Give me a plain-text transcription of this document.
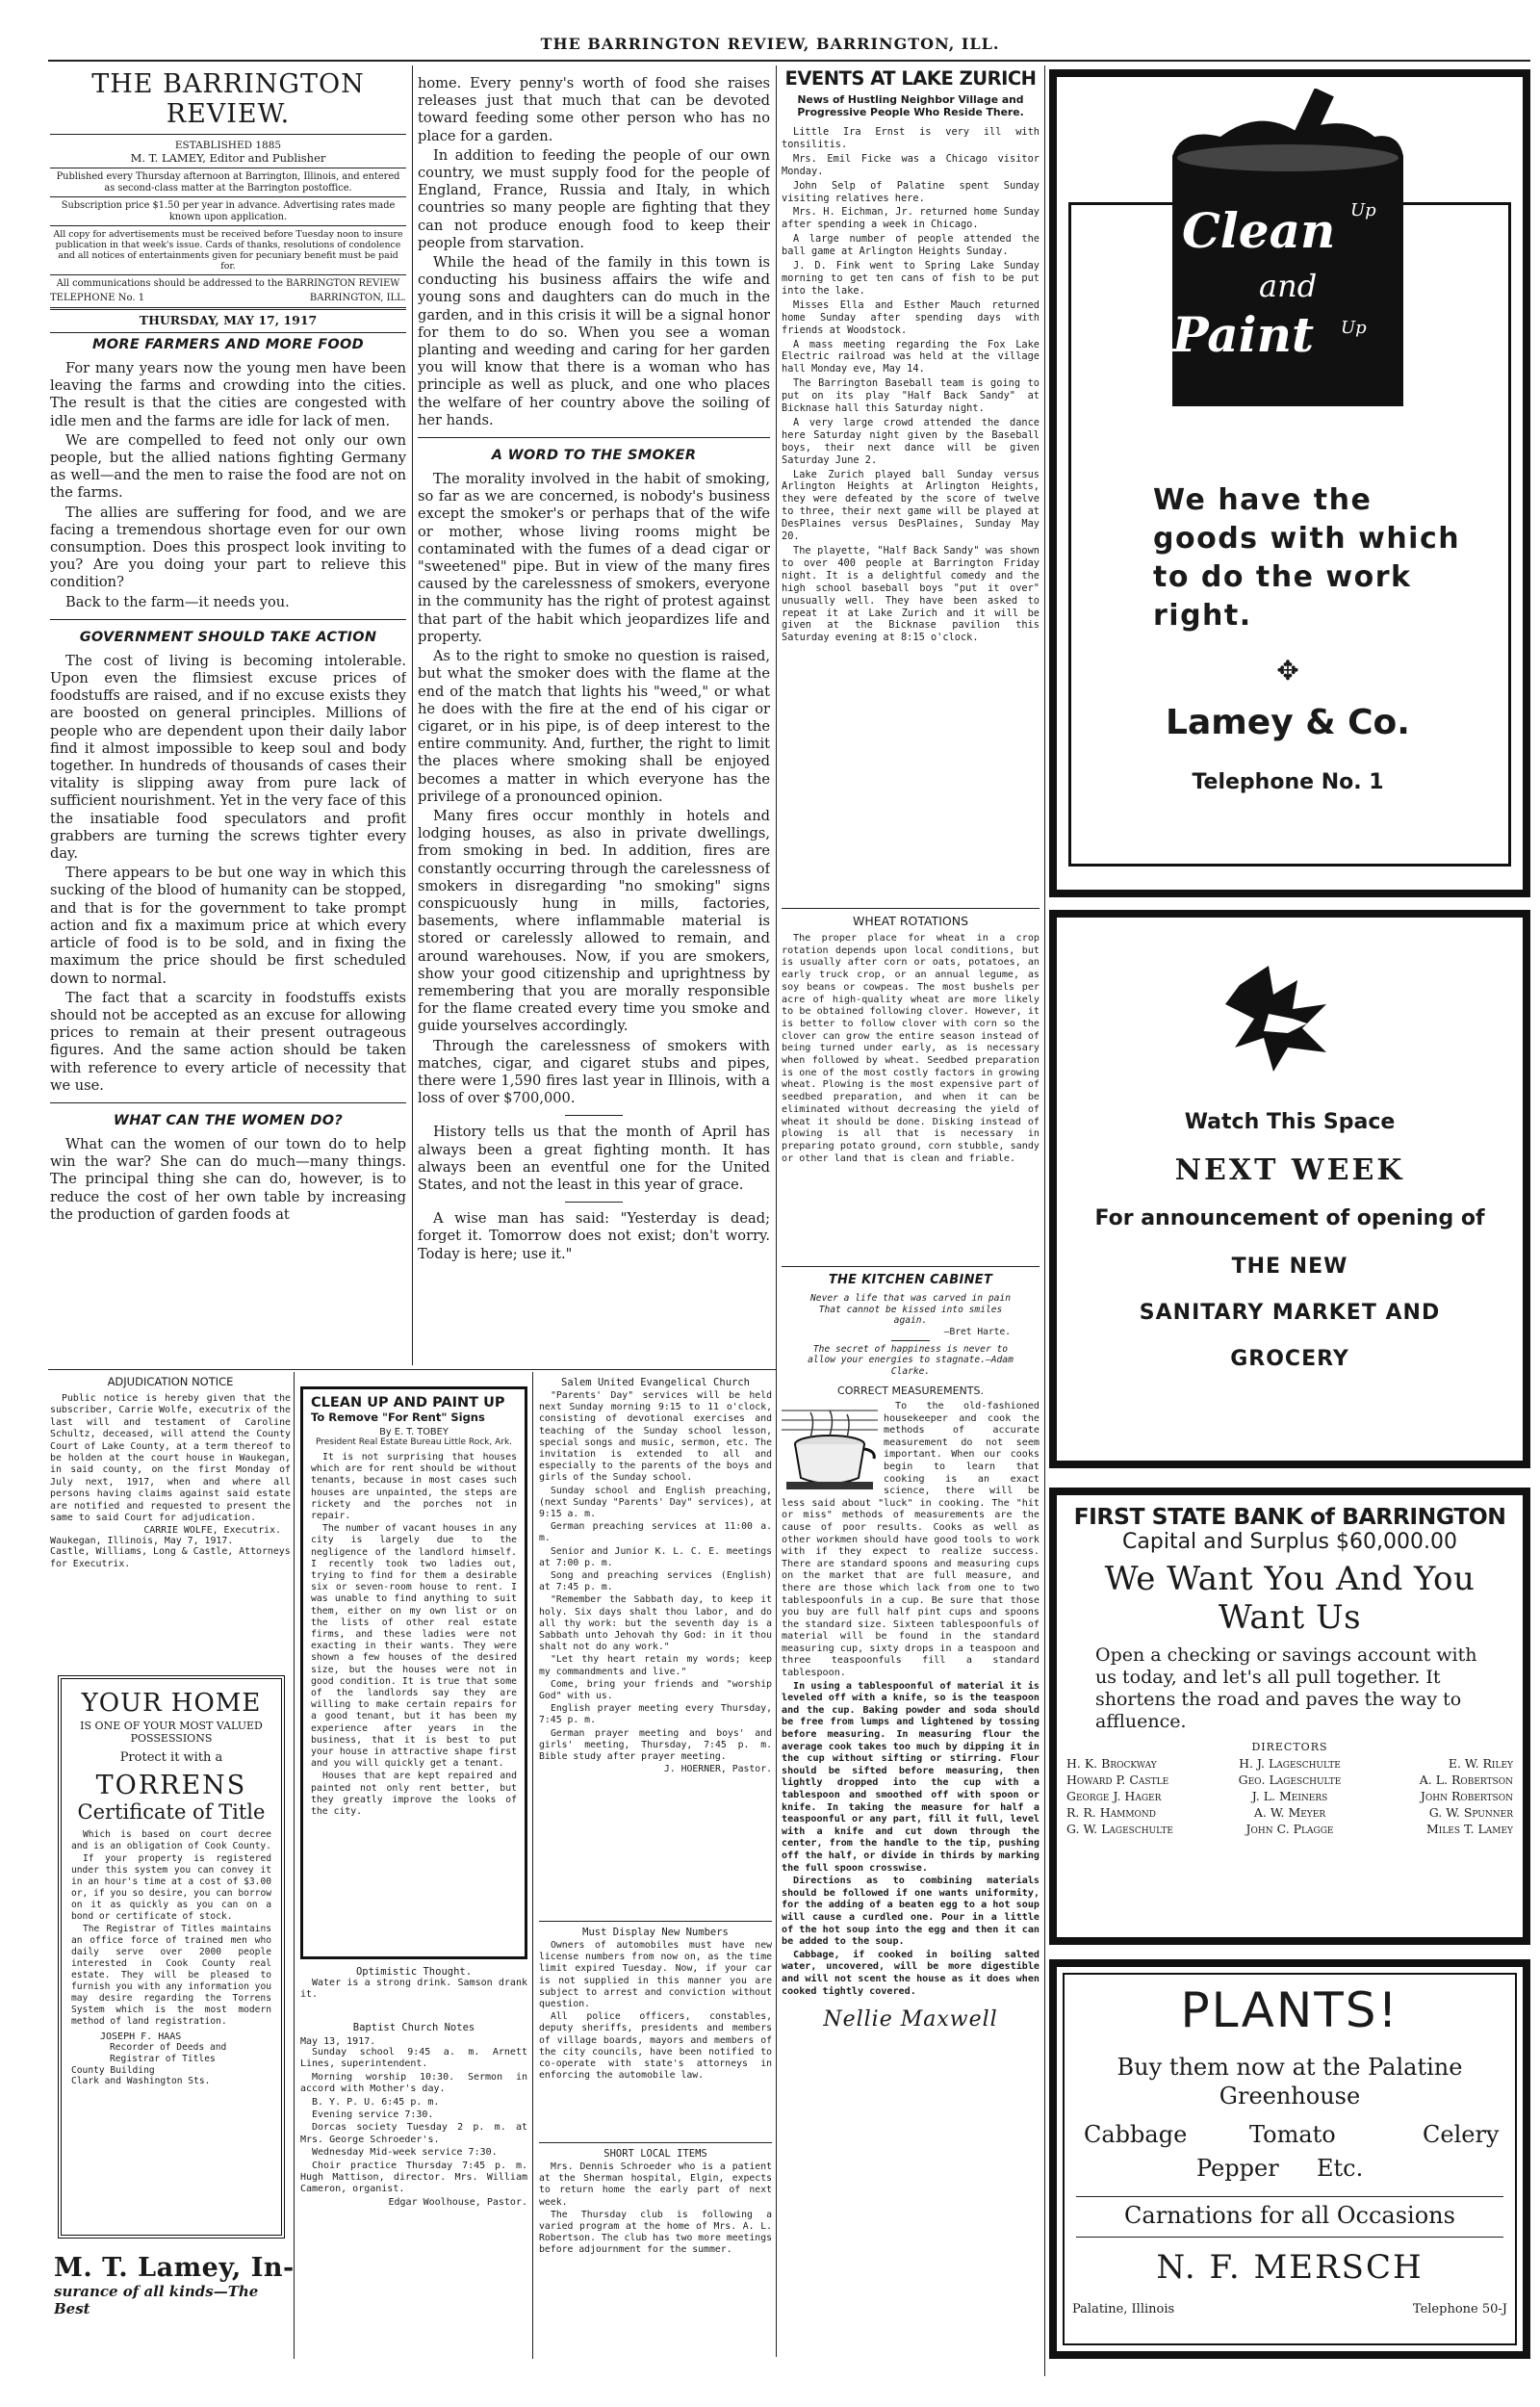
THE BARRINGTON REVIEW, BARRINGTON, ILL.
THE BARRINGTON REVIEW.
ESTABLISHED 1885
M. T. LAMEY, Editor and Publisher
Published every Thursday afternoon at Barrington, Illinois, and entered as second-class matter at the Barrington postoffice.
Subscription price $1.50 per year in advance. Advertising rates made known upon application.
All copy for advertisements must be received before Tuesday noon to insure publication in that week's issue. Cards of thanks, resolutions of condolence and all notices of entertainments given for pecuniary benefit must be paid for.
All communications should be addressed to the BARRINGTON REVIEW
TELEPHONE No. 1	BARRINGTON, ILL.
THURSDAY, MAY 17, 1917
MORE FARMERS AND MORE FOOD

For many years now the young men have been leaving the farms and crowding into the cities. The result is that the cities are congested with idle men and the farms are idle for lack of men.

We are compelled to feed not only our own people, but the allied nations fighting Germany as well—and the men to raise the food are not on the farms.

The allies are suffering for food, and we are facing a tremendous shortage even for our own consumption. Does this prospect look inviting to you? Are you doing your part to relieve this condition?

Back to the farm—it needs you.

GOVERNMENT SHOULD TAKE ACTION

The cost of living is becoming intolerable. Upon even the flimsiest excuse prices of foodstuffs are raised, and if no excuse exists they are boosted on general principles. Millions of people who are dependent upon their daily labor find it almost impossible to keep soul and body together. In hundreds of thousands of cases their vitality is slipping away from pure lack of sufficient nourishment. Yet in the very face of this the insatiable food speculators and profit grabbers are turning the screws tighter every day.

There appears to be but one way in which this sucking of the blood of humanity can be stopped, and that is for the government to take prompt action and fix a maximum price at which every article of food is to be sold, and in fixing the maximum the price should be first scheduled down to normal.

The fact that a scarcity in foodstuffs exists should not be accepted as an excuse for allowing prices to remain at their present outrageous figures. And the same action should be taken with reference to every article of necessity that we use.

WHAT CAN THE WOMEN DO?

What can the women of our town do to help win the war? She can do much—many things. The principal thing she can do, however, is to reduce the cost of her own table by increasing the production of garden foods at

home. Every penny's worth of food she raises releases just that much that can be devoted toward feeding some other person who has no place for a garden.

In addition to feeding the people of our own country, we must supply food for the people of England, France, Russia and Italy, in which countries so many people are fighting that they can not produce enough food to keep their people from starvation.

While the head of the family in this town is conducting his business affairs the wife and young sons and daughters can do much in the garden, and in this crisis it will be a signal honor for them to do so. When you see a woman planting and weeding and caring for her garden you will know that there is a woman who has principle as well as pluck, and one who places the welfare of her country above the soiling of her hands.

A WORD TO THE SMOKER

The morality involved in the habit of smoking, so far as we are concerned, is nobody's business except the smoker's or perhaps that of the wife or mother, whose living rooms might be contaminated with the fumes of a dead cigar or "sweetened" pipe. But in view of the many fires caused by the carelessness of smokers, everyone in the community has the right of protest against that part of the habit which jeopardizes life and property.

As to the right to smoke no question is raised, but what the smoker does with the flame at the end of the match that lights his "weed," or what he does with the fire at the end of his cigar or cigaret, or in his pipe, is of deep interest to the entire community. And, further, the right to limit the places where smoking shall be enjoyed becomes a matter in which everyone has the privilege of a pronounced opinion.

Many fires occur monthly in hotels and lodging houses, as also in private dwellings, from smoking in bed. In addition, fires are constantly occurring through the carelessness of smokers in disregarding "no smoking" signs conspicuously hung in mills, factories, basements, where inflammable material is stored or carelessly allowed to remain, and around warehouses. Now, if you are smokers, show your good citizenship and uprightness by remembering that you are morally responsible for the flame created every time you smoke and guide yourselves accordingly.

Through the carelessness of smokers with matches, cigar, and cigaret stubs and pipes, there were 1,590 fires last year in Illinois, with a loss of over $700,000.

History tells us that the month of April has always been a great fighting month. It has always been an eventful one for the United States, and not the least in this year of grace.

A wise man has said: "Yesterday is dead; forget it. Tomorrow does not exist; don't worry. Today is here; use it."

EVENTS AT LAKE ZURICH
News of Hustling Neighbor Village and Progressive People Who Reside There.

Little Ira Ernst is very ill with tonsilitis.

Mrs. Emil Ficke was a Chicago visitor Monday.

John Selp of Palatine spent Sunday visiting relatives here.

Mrs. H. Eichman, Jr. returned home Sunday after spending a week in Chicago.

A large number of people attended the ball game at Arlington Heights Sunday.

J. D. Fink went to Spring Lake Sunday morning to get ten cans of fish to be put into the lake.

Misses Ella and Esther Mauch returned home Sunday after spending days with friends at Woodstock.

A mass meeting regarding the Fox Lake Electric railroad was held at the village hall Monday eve, May 14.

The Barrington Baseball team is going to put on its play "Half Back Sandy" at Bicknase hall this Saturday night.

A very large crowd attended the dance here Saturday night given by the Baseball boys, their next dance will be given Saturday June 2.

Lake Zurich played ball Sunday versus Arlington Heights at Arlington Heights, they were defeated by the score of twelve to three, their next game will be played at DesPlaines versus DesPlaines, Sunday May 20.

The playette, "Half Back Sandy" was shown to over 400 people at Barrington Friday night. It is a delightful comedy and the high school baseball boys "put it over" unusually well. They have been asked to repeat it at Lake Zurich and it will be given at the Bicknase pavilion this Saturday evening at 8:15 o'clock.

WHEAT ROTATIONS

The proper place for wheat in a crop rotation depends upon local conditions, but is usually after corn or oats, potatoes, an early truck crop, or an annual legume, as soy beans or cowpeas. The most bushels per acre of high-quality wheat are more likely to be obtained following clover. However, it is better to follow clover with corn so the clover can grow the entire season instead of being turned under early, as is necessary when followed by wheat. Seedbed preparation is one of the most costly factors in growing wheat. Plowing is the most expensive part of seedbed preparation, and when it can be eliminated without decreasing the yield of wheat it should be done. Disking instead of plowing is all that is necessary in preparing potato ground, corn stubble, sandy or other land that is clean and friable.

THE KITCHEN CABINET
Never a life that was carved in pain That cannot be kissed into smiles again.
—Bret Harte.
The secret of happiness is never to allow your energies to stagnate.—Adam Clarke.
CORRECT MEASUREMENTS.

To the old-fashioned housekeeper and cook the methods of accurate measurement do not seem important. When our cooks begin to learn that cooking is an exact science, there will be less said about "luck" in cooking. The "hit or miss" methods of measurements are the cause of poor results. Cooks as well as other workmen should have good tools to work with if they expect to realize success. There are standard spoons and measuring cups on the market that are full measure, and there are those which lack from one to two tablespoonfuls in a cup. Be sure that those you buy are full half pint cups and spoons the standard size. Sixteen tablespoonfuls of material will be found in the standard measuring cup, sixty drops in a teaspoon and three teaspoonfuls fill a standard tablespoon.

In using a tablespoonful of material it is leveled off with a knife, so is the teaspoon and the cup. Baking powder and soda should be free from lumps and lightened by tossing before measuring. In measuring flour the average cook takes too much by dipping it in the cup without sifting or stirring. Flour should be sifted before measuring, then lightly dropped into the cup with a tablespoon and smoothed off with spoon or knife. In taking the measure for half a teaspoonful or any part, fill it full, level with a knife and cut down through the center, from the handle to the tip, pushing off the half, or divide in thirds by marking the full spoon crosswise.

Directions as to combining materials should be followed if one wants uniformity, for the adding of a beaten egg to a hot soup will cause a curdled one. Pour in a little of the hot soup into the egg and then it can be added to the soup.

Cabbage, if cooked in boiling salted water, uncovered, will be more digestible and will not scent the house as it does when cooked tightly covered.

Nellie Maxwell
ADJUDICATION NOTICE

Public notice is hereby given that the subscriber, Carrie Wolfe, executrix of the last will and testament of Caroline Schultz, deceased, will attend the County Court of Lake County, at a term thereof to be holden at the court house in Waukegan, in said county, on the first Monday of July next, 1917, when and where all persons having claims against said estate are notified and requested to present the same to said Court for adjudication.

CARRIE WOLFE, Executrix.
Waukegan, Illinois, May 7, 1917.
Castle, Williams, Long & Castle, Attorneys for Executrix.
YOUR HOME
IS ONE OF YOUR MOST VALUED POSSESSIONS
Protect it with a
TORRENS
Certificate of Title

Which is based on court decree and is an obligation of Cook County.

If your property is registered under this system you can convey it in an hour's time at a cost of $3.00 or, if you so desire, you can borrow on it as quickly as you can on a bond or certificate of stock.

The Registrar of Titles maintains an office force of trained men who daily serve over 2000 people interested in Cook County real estate. They will be pleased to furnish you with any information you may desire regarding the Torrens System which is the most modern method of land registration.

JOSEPH F. HAAS
Recorder of Deeds and Registrar of Titles
County Building
Clark and Washington Sts.
M. T. Lamey, In-
surance of all kinds—The Best
CLEAN UP AND PAINT UP
To Remove "For Rent" Signs
By E. T. TOBEY
President Real Estate Bureau Little Rock, Ark.

It is not surprising that houses which are for rent should be without tenants, because in most cases such houses are unpainted, the steps are rickety and the porches not in repair.

The number of vacant houses in any city is largely due to the negligence of the landlord himself. I recently took two ladies out, trying to find for them a desirable six or seven-room house to rent. I was unable to find anything to suit them, either on my own list or on the lists of other real estate firms, and these ladies were not exacting in their wants. They were shown a few houses of the desired size, but the houses were not in good condition. It is true that some of the landlords say they are willing to make certain repairs for a good tenant, but it has been my experience after years in the business, that it is best to put your house in attractive shape first and you will quickly get a tenant.

Houses that are kept repaired and painted not only rent better, but they greatly improve the looks of the city.

Optimistic Thought.

Water is a strong drink. Samson drank it.

Baptist Church Notes
May 13, 1917.

Sunday school 9:45 a. m. Arnett Lines, superintendent.

Morning worship 10:30. Sermon in accord with Mother's day.

B. Y. P. U. 6:45 p. m.

Evening service 7:30.

Dorcas society Tuesday 2 p. m. at Mrs. George Schroeder's.

Wednesday Mid-week service 7:30.

Choir practice Thursday 7:45 p. m. Hugh Mattison, director. Mrs. William Cameron, organist.

Edgar Woolhouse, Pastor.
Salem United Evangelical Church

"Parents' Day" services will be held next Sunday morning 9:15 to 11 o'clock, consisting of devotional exercises and teaching of the Sunday school lesson, special songs and music, sermon, etc. The invitation is extended to all and especially to the parents of the boys and girls of the Sunday school.

Sunday school and English preaching, (next Sunday "Parents' Day" services), at 9:15 a. m.

German preaching services at 11:00 a. m.

Senior and Junior K. L. C. E. meetings at 7:00 p. m.

Song and preaching services (English) at 7:45 p. m.

"Remember the Sabbath day, to keep it holy. Six days shalt thou labor, and do all thy work: but the seventh day is a Sabbath unto Jehovah thy God: in it thou shalt not do any work."

"Let thy heart retain my words; keep my commandments and live."

Come, bring your friends and "worship God" with us.

English prayer meeting every Thursday, 7:45 p. m.

German prayer meeting and boys' and girls' meeting, Thursday, 7:45 p. m. Bible study after prayer meeting.

J. HOERNER, Pastor.
Must Display New Numbers

Owners of automobiles must have new license numbers from now on, as the time limit expired Tuesday. Now, if your car is not supplied in this manner you are subject to arrest and conviction without question.

All police officers, constables, deputy sheriffs, presidents and members of village boards, mayors and members of the city councils, have been notified to co-operate with state's attorneys in enforcing the automobile law.

SHORT LOCAL ITEMS

Mrs. Dennis Schroeder who is a patient at the Sherman hospital, Elgin, expects to return home the early part of next week.

The Thursday club is following a varied program at the home of Mrs. A. L. Robertson. The club has two more meetings before adjournment for the summer.

Clean Up
and
Paint Up
We have the goods with which to do the work right.
✥
Lamey & Co.
Telephone No. 1
Watch This Space
NEXT WEEK
For announcement of opening of
THE NEW
SANITARY MARKET AND
GROCERY
FIRST STATE BANK of BARRINGTON
Capital and Surplus $60,000.00
We Want You And You
Want Us
Open a checking or savings account with us today, and let's all pull together. It shortens the road and paves the way to affluence.
DIRECTORS
H. K. Brockway	H. J. Lageschulte	E. W. Riley
Howard P. Castle	Geo. Lageschulte	A. L. Robertson
George J. Hager	J. L. Meiners	John Robertson
R. R. Hammond	A. W. Meyer	G. W. Spunner
G. W. Lageschulte	John C. Plagge	Miles T. Lamey
PLANTS!
Buy them now at the Palatine
Greenhouse
Cabbage	Tomato	Celery
Pepper Etc.
Carnations for all Occasions
N. F. MERSCH
Palatine, Illinois	Telephone 50-J
